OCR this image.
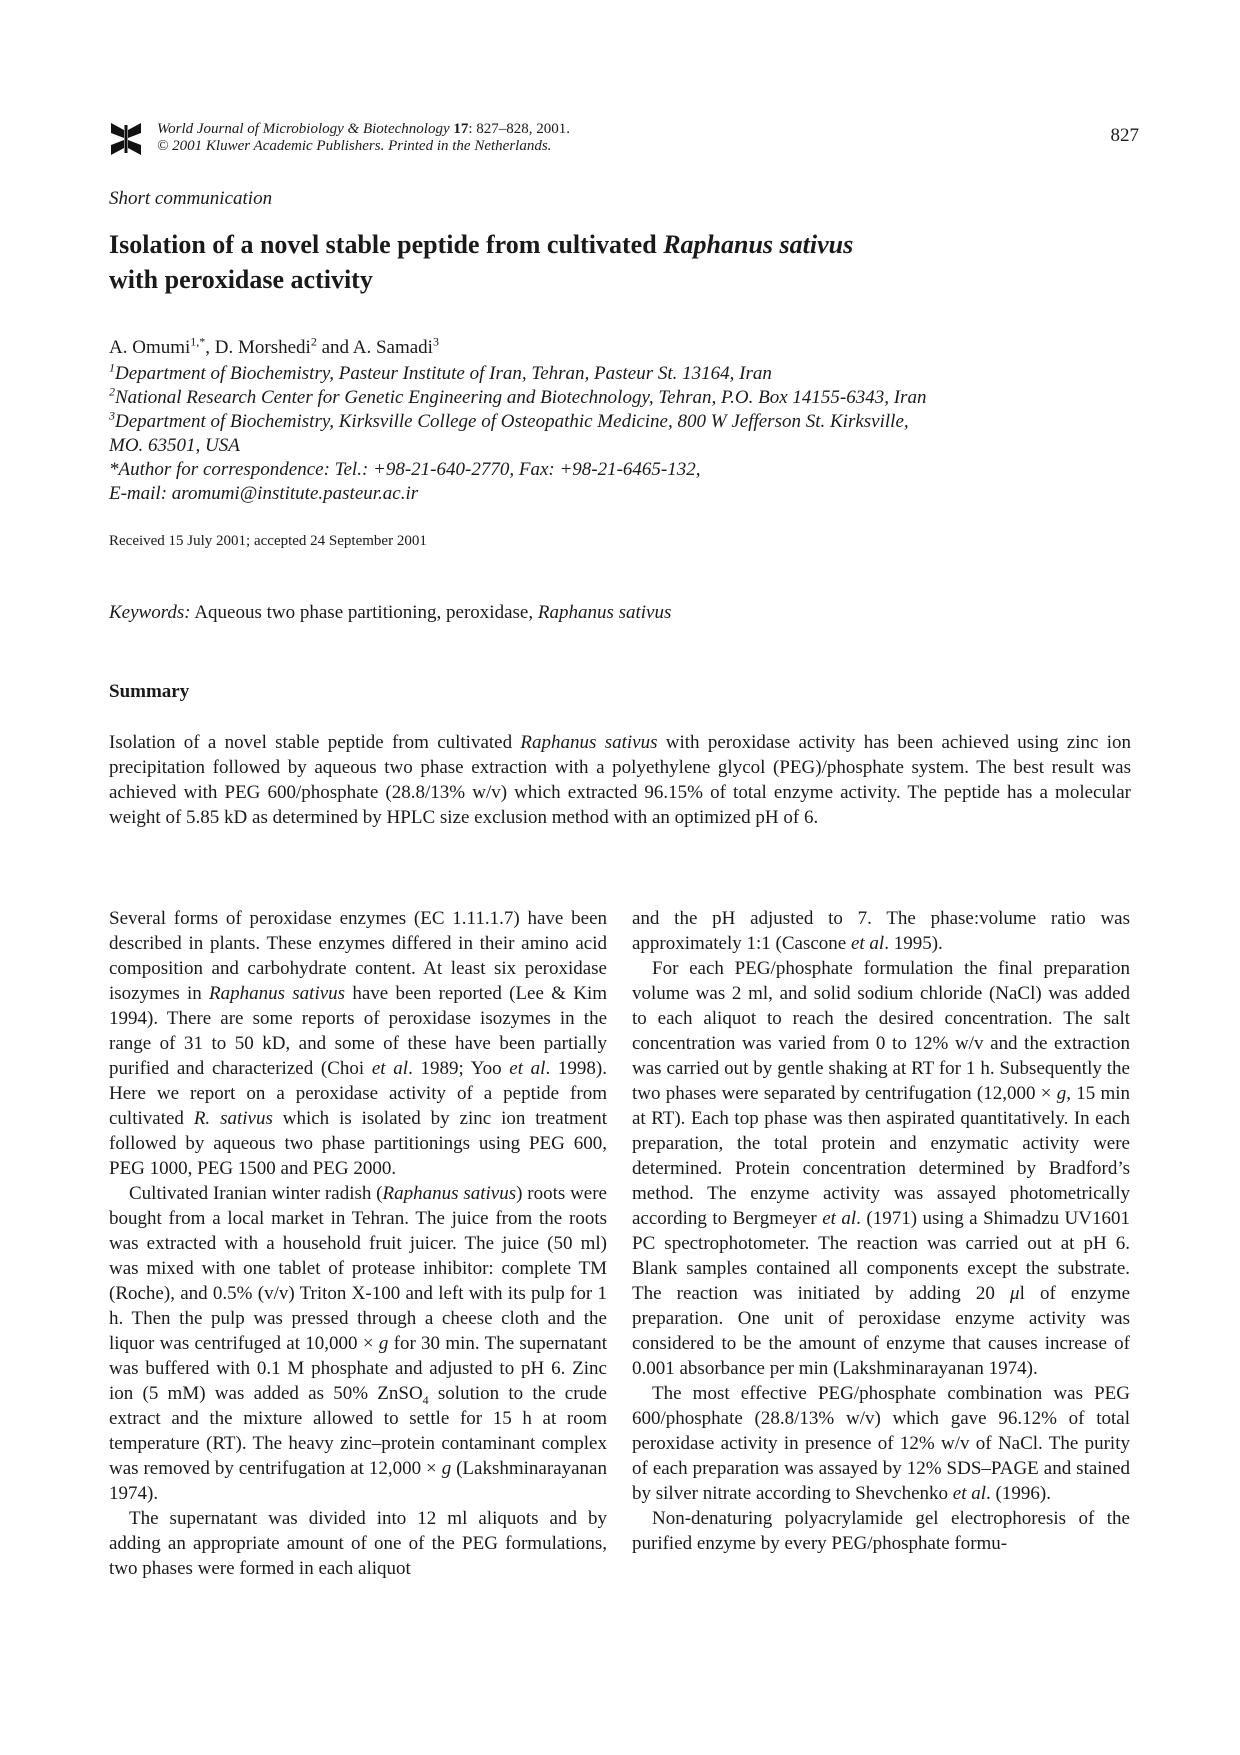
World Journal of Microbiology & Biotechnology 17: 827–828, 2001.
© 2001 Kluwer Academic Publishers. Printed in the Netherlands.	827
Short communication
Isolation of a novel stable peptide from cultivated Raphanus sativus
with peroxidase activity
A. Omumi$^{1,*}$, D. Morshedi$^2$ and A. Samadi$^3$
$^1$Department of Biochemistry, Pasteur Institute of Iran, Tehran, Pasteur St. 13164, Iran
$^2$National Research Center for Genetic Engineering and Biotechnology, Tehran, P.O. Box 14155-6343, Iran
$^3$Department of Biochemistry, Kirksville College of Osteopathic Medicine, 800 W Jefferson St. Kirksville,
MO. 63501, USA
*Author for correspondence: Tel.: +98-21-640-2770, Fax: +98-21-6465-132,
E-mail: aromumi@institute.pasteur.ac.ir
Received 15 July 2001; accepted 24 September 2001
Keywords: Aqueous two phase partitioning, peroxidase, Raphanus sativus
Summary

Isolation of a novel stable peptide from cultivated Raphanus sativus with peroxidase activity has been achieved using zinc ion precipitation followed by aqueous two phase extraction with a polyethylene glycol (PEG)/phosphate system. The best result was achieved with PEG 600/phosphate (28.8/13% w/v) which extracted 96.15% of total enzyme activity. The peptide has a molecular weight of 5.85 kD as determined by HPLC size exclusion method with an optimized pH of 6.

Several forms of peroxidase enzymes (EC 1.11.1.7) have been described in plants. These enzymes differed in their amino acid composition and carbohydrate content. At least six peroxidase isozymes in Raphanus sativus have been reported (Lee & Kim 1994). There are some reports of peroxidase isozymes in the range of 31 to 50 kD, and some of these have been partially purified and characterized (Choi et al. 1989; Yoo et al. 1998). Here we report on a peroxidase activity of a peptide from cultivated R. sativus which is isolated by zinc ion treatment followed by aqueous two phase partitionings using PEG 600, PEG 1000, PEG 1500 and PEG 2000.

Cultivated Iranian winter radish (Raphanus sativus) roots were bought from a local market in Tehran. The juice from the roots was extracted with a household fruit juicer. The juice (50 ml) was mixed with one tablet of protease inhibitor: complete TM (Roche), and 0.5% (v/v) Triton X-100 and left with its pulp for 1 h. Then the pulp was pressed through a cheese cloth and the liquor was centrifuged at 10,000 × g for 30 min. The supernatant was buffered with 0.1 M phosphate and adjusted to pH 6. Zinc ion (5 mM) was added as 50% ZnSO$_4$ solution to the crude extract and the mixture allowed to settle for 15 h at room temperature (RT). The heavy zinc–protein contaminant complex was removed by centrifugation at 12,000 × g (Lakshminarayanan 1974).

The supernatant was divided into 12 ml aliquots and by adding an appropriate amount of one of the PEG formulations, two phases were formed in each aliquot

and the pH adjusted to 7. The phase:volume ratio was approximately 1:1 (Cascone et al. 1995).

For each PEG/phosphate formulation the final preparation volume was 2 ml, and solid sodium chloride (NaCl) was added to each aliquot to reach the desired concentration. The salt concentration was varied from 0 to 12% w/v and the extraction was carried out by gentle shaking at RT for 1 h. Subsequently the two phases were separated by centrifugation (12,000 × g, 15 min at RT). Each top phase was then aspirated quantitatively. In each preparation, the total protein and enzymatic activity were determined. Protein concentration determined by Bradford’s method. The enzyme activity was assayed photometrically according to Bergmeyer et al. (1971) using a Shimadzu UV1601 PC spectrophotometer. The reaction was carried out at pH 6. Blank samples contained all components except the substrate. The reaction was initiated by adding 20 μl of enzyme preparation. One unit of peroxidase enzyme activity was considered to be the amount of enzyme that causes increase of 0.001 absorbance per min (Lakshminarayanan 1974).

The most effective PEG/phosphate combination was PEG 600/phosphate (28.8/13% w/v) which gave 96.12% of total peroxidase activity in presence of 12% w/v of NaCl. The purity of each preparation was assayed by 12% SDS–PAGE and stained by silver nitrate according to Shevchenko et al. (1996).

Non-denaturing polyacrylamide gel electrophoresis of the purified enzyme by every PEG/phosphate formu-
